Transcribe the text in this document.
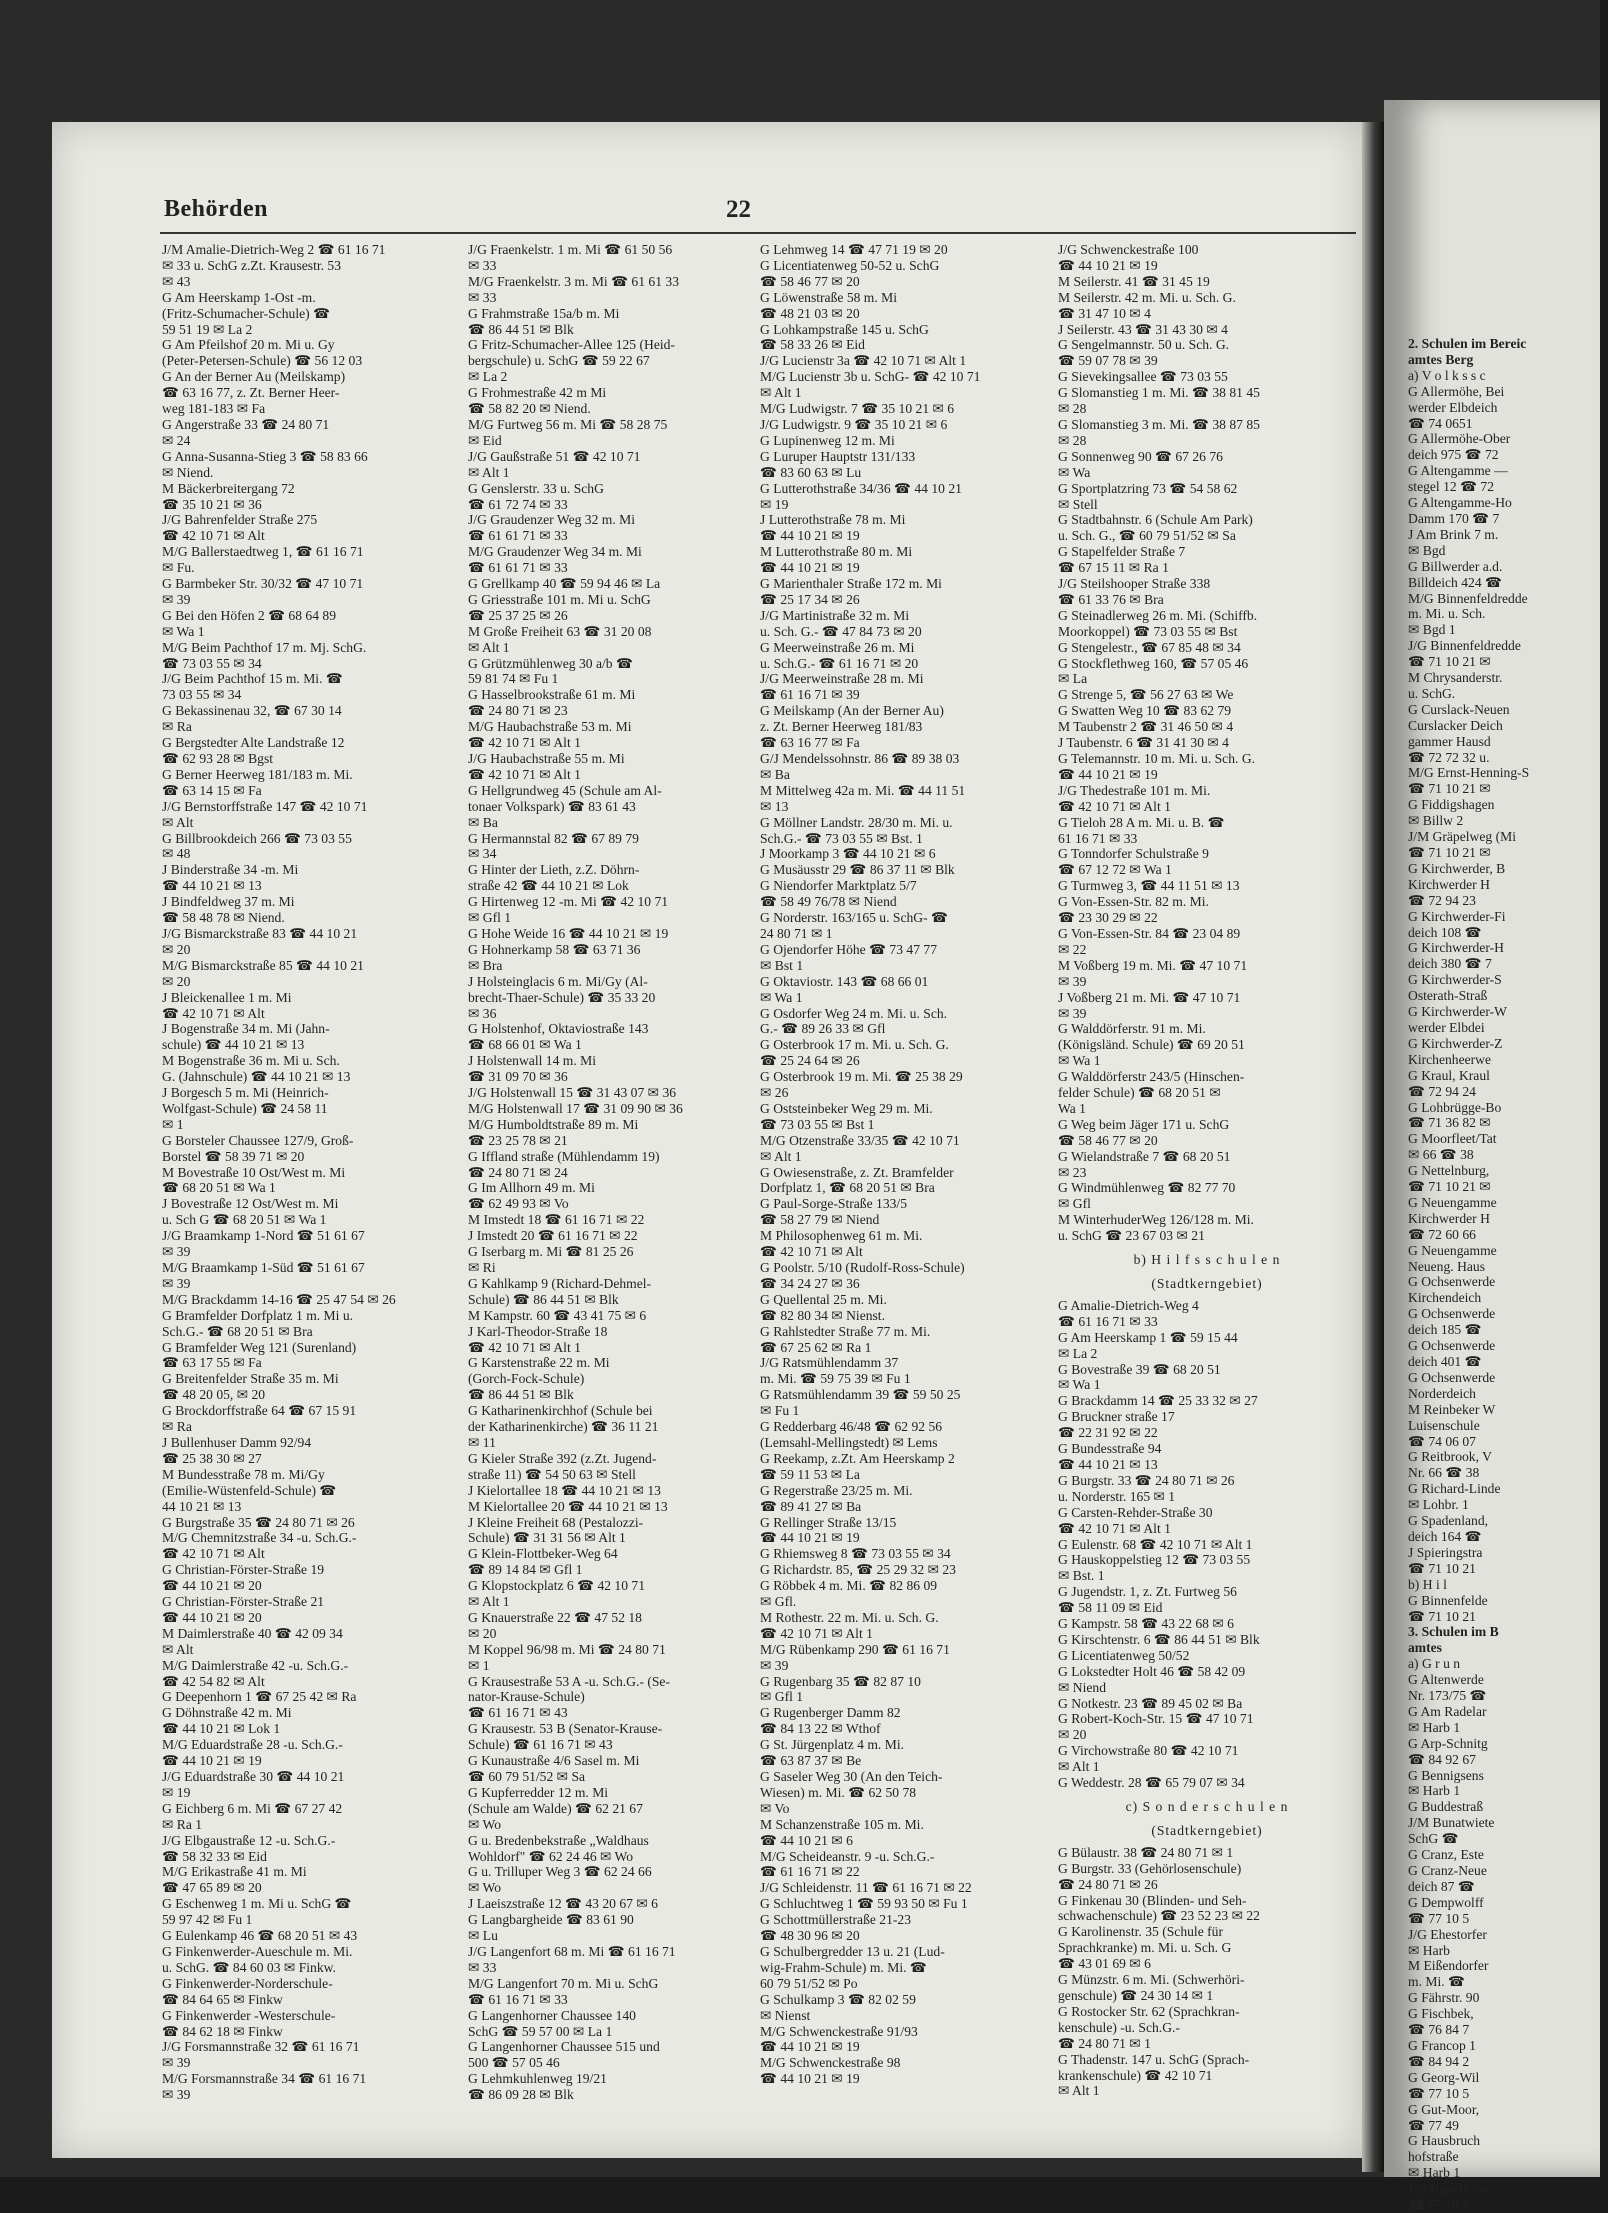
2. Schulen im Bereic
amtes Berg
a) V o l k s s c
G Allermöhe, Bei
werder Elbdeich
☎ 74 0651
G Allermöhe-Ober
deich 975 ☎ 72
G Altengamme —
stegel 12 ☎ 72
G Altengamme-Ho
Damm 170 ☎ 7
J Am Brink 7 m.
✉ Bgd
G Billwerder a.d.
Billdeich 424 ☎
M/G Binnenfeldredde
m. Mi. u. Sch.
✉ Bgd 1
J/G Binnenfeldredde
☎ 71 10 21 ✉
M Chrysanderstr.
u. SchG.
G Curslack-Neuen
Curslacker Deich
gammer Hausd
☎ 72 72 32 u.
M/G Ernst-Henning-S
☎ 71 10 21 ✉
G Fiddigshagen
✉ Billw 2
J/M Gräpelweg (Mi
☎ 71 10 21 ✉
G Kirchwerder, B
Kirchwerder H
☎ 72 94 23
G Kirchwerder-Fi
deich 108 ☎
G Kirchwerder-H
deich 380 ☎ 7
G Kirchwerder-S
Osterath-Straß
G Kirchwerder-W
werder Elbdei
G Kirchwerder-Z
Kirchenheerwe
G Kraul, Kraul
☎ 72 94 24
G Lohbrügge-Bo
☎ 71 36 82 ✉
G Moorfleet/Tat
✉ 66 ☎ 38
G Nettelnburg,
☎ 71 10 21 ✉
G Neuengamme
Kirchwerder H
☎ 72 60 66
G Neuengamme
Neueng. Haus
G Ochsenwerde
Kirchendeich
G Ochsenwerde
deich 185 ☎
G Ochsenwerde
deich 401 ☎
G Ochsenwerde
Norderdeich
M Reinbeker W
Luisenschule
☎ 74 06 07
G Reitbrook, V
Nr. 66 ☎ 38
G Richard-Linde
✉ Lohbr. 1
G Spadenland,
deich 164 ☎
J Spieringstra
☎ 71 10 21
b) H i l
G Binnenfelde
☎ 71 10 21
3. Schulen im B
amtes
a) G r u n
G Altenwerde
Nr. 173/75 ☎
G Am Radelar
✉ Harb 1
G Arp-Schnitg
☎ 84 92 67
G Bennigsens
✉ Harb 1
G Buddestraß
J/M Bunatwiete
SchG ☎
G Cranz, Este
G Cranz-Neue
deich 87 ☎
G Dempwolff
☎ 77 10 5
J/G Ehestorfer
✉ Harb
M Eißendorfer
m. Mi. ☎
G Fährstr. 90
G Fischbek,
☎ 76 84 7
G Francop 1
☎ 84 94 2
G Georg-Wil
☎ 77 10 5
G Gut-Moor,
☎ 77 49
G Hausbruch
hofstraße
✉ Harb 1
J/G Kapellenw
☎ 77 10 5
Behörden	22
J/M Amalie-Dietrich-Weg 2 ☎ 61 16 71
✉ 33 u. SchG z.Zt. Krausestr. 53
✉ 43
G Am Heerskamp 1-Ost -m.
(Fritz-Schumacher-Schule) ☎
59 51 19 ✉ La 2
G Am Pfeilshof 20 m. Mi u. Gy
(Peter-Petersen-Schule) ☎ 56 12 03
G An der Berner Au (Meilskamp)
☎ 63 16 77, z. Zt. Berner Heer-
weg 181-183 ✉ Fa
G Angerstraße 33 ☎ 24 80 71
✉ 24
G Anna-Susanna-Stieg 3 ☎ 58 83 66
✉ Niend.
M Bäckerbreitergang 72
☎ 35 10 21 ✉ 36
J/G Bahrenfelder Straße 275
☎ 42 10 71 ✉ Alt
M/G Ballerstaedtweg 1, ☎ 61 16 71
✉ Fu.
G Barmbeker Str. 30/32 ☎ 47 10 71
✉ 39
G Bei den Höfen 2 ☎ 68 64 89
✉ Wa 1
M/G Beim Pachthof 17 m. Mj. SchG.
☎ 73 03 55 ✉ 34
J/G Beim Pachthof 15 m. Mi. ☎
73 03 55 ✉ 34
G Bekassinenau 32, ☎ 67 30 14
✉ Ra
G Bergstedter Alte Landstraße 12
☎ 62 93 28 ✉ Bgst
G Berner Heerweg 181/183 m. Mi.
☎ 63 14 15 ✉ Fa
J/G Bernstorffstraße 147 ☎ 42 10 71
✉ Alt
G Billbrookdeich 266 ☎ 73 03 55
✉ 48
J Binderstraße 34 -m. Mi
☎ 44 10 21 ✉ 13
J Bindfeldweg 37 m. Mi
☎ 58 48 78 ✉ Niend.
J/G Bismarckstraße 83 ☎ 44 10 21
✉ 20
M/G Bismarckstraße 85 ☎ 44 10 21
✉ 20
J Bleickenallee 1 m. Mi
☎ 42 10 71 ✉ Alt
J Bogenstraße 34 m. Mi (Jahn-
schule) ☎ 44 10 21 ✉ 13
M Bogenstraße 36 m. Mi u. Sch.
G. (Jahnschule) ☎ 44 10 21 ✉ 13
J Borgesch 5 m. Mi (Heinrich-
Wolfgast-Schule) ☎ 24 58 11
✉ 1
G Borsteler Chaussee 127/9, Groß-
Borstel ☎ 58 39 71 ✉ 20
M Bovestraße 10 Ost/West m. Mi
☎ 68 20 51 ✉ Wa 1
J Bovestraße 12 Ost/West m. Mi
u. Sch G ☎ 68 20 51 ✉ Wa 1
J/G Braamkamp 1-Nord ☎ 51 61 67
✉ 39
M/G Braamkamp 1-Süd ☎ 51 61 67
✉ 39
M/G Brackdamm 14-16 ☎ 25 47 54 ✉ 26
G Bramfelder Dorfplatz 1 m. Mi u.
Sch.G.- ☎ 68 20 51 ✉ Bra
G Bramfelder Weg 121 (Surenland)
☎ 63 17 55 ✉ Fa
G Breitenfelder Straße 35 m. Mi
☎ 48 20 05, ✉ 20
G Brockdorffstraße 64 ☎ 67 15 91
✉ Ra
J Bullenhuser Damm 92/94
☎ 25 38 30 ✉ 27
M Bundesstraße 78 m. Mi/Gy
(Emilie-Wüstenfeld-Schule) ☎
44 10 21 ✉ 13
G Burgstraße 35 ☎ 24 80 71 ✉ 26
M/G Chemnitzstraße 34 -u. Sch.G.-
☎ 42 10 71 ✉ Alt
G Christian-Förster-Straße 19
☎ 44 10 21 ✉ 20
G Christian-Förster-Straße 21
☎ 44 10 21 ✉ 20
M Daimlerstraße 40 ☎ 42 09 34
✉ Alt
M/G Daimlerstraße 42 -u. Sch.G.-
☎ 42 54 82 ✉ Alt
G Deepenhorn 1 ☎ 67 25 42 ✉ Ra
G Döhnstraße 42 m. Mi
☎ 44 10 21 ✉ Lok 1
M/G Eduardstraße 28 -u. Sch.G.-
☎ 44 10 21 ✉ 19
J/G Eduardstraße 30 ☎ 44 10 21
✉ 19
G Eichberg 6 m. Mi ☎ 67 27 42
✉ Ra 1
J/G Elbgaustraße 12 -u. Sch.G.-
☎ 58 32 33 ✉ Eid
M/G Erikastraße 41 m. Mi
☎ 47 65 89 ✉ 20
G Eschenweg 1 m. Mi u. SchG ☎
59 97 42 ✉ Fu 1
G Eulenkamp 46 ☎ 68 20 51 ✉ 43
G Finkenwerder-Aueschule m. Mi.
u. SchG. ☎ 84 60 03 ✉ Finkw.
G Finkenwerder-Norderschule-
☎ 84 64 65 ✉ Finkw
G Finkenwerder -Westerschule-
☎ 84 62 18 ✉ Finkw
J/G Forsmannstraße 32 ☎ 61 16 71
✉ 39
M/G Forsmannstraße 34 ☎ 61 16 71
✉ 39
J/G Fraenkelstr. 1 m. Mi ☎ 61 50 56
✉ 33
M/G Fraenkelstr. 3 m. Mi ☎ 61 61 33
✉ 33
G Frahmstraße 15a/b m. Mi
☎ 86 44 51 ✉ Blk
G Fritz-Schumacher-Allee 125 (Heid-
bergschule) u. SchG ☎ 59 22 67
✉ La 2
G Frohmestraße 42 m Mi
☎ 58 82 20 ✉ Niend.
M/G Furtweg 56 m. Mi ☎ 58 28 75
✉ Eid
J/G Gaußstraße 51 ☎ 42 10 71
✉ Alt 1
G Genslerstr. 33 u. SchG
☎ 61 72 74 ✉ 33
J/G Graudenzer Weg 32 m. Mi
☎ 61 61 71 ✉ 33
M/G Graudenzer Weg 34 m. Mi
☎ 61 61 71 ✉ 33
G Grellkamp 40 ☎ 59 94 46 ✉ La
G Griesstraße 101 m. Mi u. SchG
☎ 25 37 25 ✉ 26
M Große Freiheit 63 ☎ 31 20 08
✉ Alt 1
G Grützmühlenweg 30 a/b ☎
59 81 74 ✉ Fu 1
G Hasselbrookstraße 61 m. Mi
☎ 24 80 71 ✉ 23
M/G Haubachstraße 53 m. Mi
☎ 42 10 71 ✉ Alt 1
J/G Haubachstraße 55 m. Mi
☎ 42 10 71 ✉ Alt 1
G Hellgrundweg 45 (Schule am Al-
tonaer Volkspark) ☎ 83 61 43
✉ Ba
G Hermannstal 82 ☎ 67 89 79
✉ 34
G Hinter der Lieth, z.Z. Döhrn-
straße 42 ☎ 44 10 21 ✉ Lok
G Hirtenweg 12 -m. Mi ☎ 42 10 71
✉ Gfl 1
G Hohe Weide 16 ☎ 44 10 21 ✉ 19
G Hohnerkamp 58 ☎ 63 71 36
✉ Bra
J Holsteinglacis 6 m. Mi/Gy (Al-
brecht-Thaer-Schule) ☎ 35 33 20
✉ 36
G Holstenhof, Oktaviostraße 143
☎ 68 66 01 ✉ Wa 1
J Holstenwall 14 m. Mi
☎ 31 09 70 ✉ 36
J/G Holstenwall 15 ☎ 31 43 07 ✉ 36
M/G Holstenwall 17 ☎ 31 09 90 ✉ 36
M/G Humboldtstraße 89 m. Mi
☎ 23 25 78 ✉ 21
G Iffland straße (Mühlendamm 19)
☎ 24 80 71 ✉ 24
G Im Allhorn 49 m. Mi
☎ 62 49 93 ✉ Vo
M Imstedt 18 ☎ 61 16 71 ✉ 22
J Imstedt 20 ☎ 61 16 71 ✉ 22
G Iserbarg m. Mi ☎ 81 25 26
✉ Ri
G Kahlkamp 9 (Richard-Dehmel-
Schule) ☎ 86 44 51 ✉ Blk
M Kampstr. 60 ☎ 43 41 75 ✉ 6
J Karl-Theodor-Straße 18
☎ 42 10 71 ✉ Alt 1
G Karstenstraße 22 m. Mi
(Gorch-Fock-Schule)
☎ 86 44 51 ✉ Blk
G Katharinenkirchhof (Schule bei
der Katharinenkirche) ☎ 36 11 21
✉ 11
G Kieler Straße 392 (z.Zt. Jugend-
straße 11) ☎ 54 50 63 ✉ Stell
J Kielortallee 18 ☎ 44 10 21 ✉ 13
M Kielortallee 20 ☎ 44 10 21 ✉ 13
J Kleine Freiheit 68 (Pestalozzi-
Schule) ☎ 31 31 56 ✉ Alt 1
G Klein-Flottbeker-Weg 64
☎ 89 14 84 ✉ Gfl 1
G Klopstockplatz 6 ☎ 42 10 71
✉ Alt 1
G Knauerstraße 22 ☎ 47 52 18
✉ 20
M Koppel 96/98 m. Mi ☎ 24 80 71
✉ 1
G Krausestraße 53 A -u. Sch.G.- (Se-
nator-Krause-Schule)
☎ 61 16 71 ✉ 43
G Krausestr. 53 B (Senator-Krause-
Schule) ☎ 61 16 71 ✉ 43
G Kunaustraße 4/6 Sasel m. Mi
☎ 60 79 51/52 ✉ Sa
G Kupferredder 12 m. Mi
(Schule am Walde) ☎ 62 21 67
✉ Wo
G u. Bredenbekstraße „Waldhaus
Wohldorf" ☎ 62 24 46 ✉ Wo
G u. Trilluper Weg 3 ☎ 62 24 66
✉ Wo
J Laeiszstraße 12 ☎ 43 20 67 ✉ 6
G Langbargheide ☎ 83 61 90
✉ Lu
J/G Langenfort 68 m. Mi ☎ 61 16 71
✉ 33
M/G Langenfort 70 m. Mi u. SchG
☎ 61 16 71 ✉ 33
G Langenhorner Chaussee 140
SchG ☎ 59 57 00 ✉ La 1
G Langenhorner Chaussee 515 und
500 ☎ 57 05 46
G Lehmkuhlenweg 19/21
☎ 86 09 28 ✉ Blk
G Lehmweg 14 ☎ 47 71 19 ✉ 20
G Licentiatenweg 50-52 u. SchG
☎ 58 46 77 ✉ 20
G Löwenstraße 58 m. Mi
☎ 48 21 03 ✉ 20
G Lohkampstraße 145 u. SchG
☎ 58 33 26 ✉ Eid
J/G Lucienstr 3a ☎ 42 10 71 ✉ Alt 1
M/G Lucienstr 3b u. SchG- ☎ 42 10 71
✉ Alt 1
M/G Ludwigstr. 7 ☎ 35 10 21 ✉ 6
J/G Ludwigstr. 9 ☎ 35 10 21 ✉ 6
G Lupinenweg 12 m. Mi
G Luruper Hauptstr 131/133
☎ 83 60 63 ✉ Lu
G Lutterothstraße 34/36 ☎ 44 10 21
✉ 19
J Lutterothstraße 78 m. Mi
☎ 44 10 21 ✉ 19
M Lutterothstraße 80 m. Mi
☎ 44 10 21 ✉ 19
G Marienthaler Straße 172 m. Mi
☎ 25 17 34 ✉ 26
J/G Martinistraße 32 m. Mi
u. Sch. G.- ☎ 47 84 73 ✉ 20
G Meerweinstraße 26 m. Mi
u. Sch.G.- ☎ 61 16 71 ✉ 20
J/G Meerweinstraße 28 m. Mi
☎ 61 16 71 ✉ 39
G Meilskamp (An der Berner Au)
z. Zt. Berner Heerweg 181/83
☎ 63 16 77 ✉ Fa
G/J Mendelssohnstr. 86 ☎ 89 38 03
✉ Ba
M Mittelweg 42a m. Mi. ☎ 44 11 51
✉ 13
G Möllner Landstr. 28/30 m. Mi. u.
Sch.G.- ☎ 73 03 55 ✉ Bst. 1
J Moorkamp 3 ☎ 44 10 21 ✉ 6
G Musäusstr 29 ☎ 86 37 11 ✉ Blk
G Niendorfer Marktplatz 5/7
☎ 58 49 76/78 ✉ Niend
G Norderstr. 163/165 u. SchG- ☎
24 80 71 ✉ 1
G Ojendorfer Höhe ☎ 73 47 77
✉ Bst 1
G Oktaviostr. 143 ☎ 68 66 01
✉ Wa 1
G Osdorfer Weg 24 m. Mi. u. Sch.
G.- ☎ 89 26 33 ✉ Gfl
G Osterbrook 17 m. Mi. u. Sch. G.
☎ 25 24 64 ✉ 26
G Osterbrook 19 m. Mi. ☎ 25 38 29
✉ 26
G Oststeinbeker Weg 29 m. Mi.
☎ 73 03 55 ✉ Bst 1
M/G Otzenstraße 33/35 ☎ 42 10 71
✉ Alt 1
G Owiesenstraße, z. Zt. Bramfelder
Dorfplatz 1, ☎ 68 20 51 ✉ Bra
G Paul-Sorge-Straße 133/5
☎ 58 27 79 ✉ Niend
M Philosophenweg 61 m. Mi.
☎ 42 10 71 ✉ Alt
G Poolstr. 5/10 (Rudolf-Ross-Schule)
☎ 34 24 27 ✉ 36
G Quellental 25 m. Mi.
☎ 82 80 34 ✉ Nienst.
G Rahlstedter Straße 77 m. Mi.
☎ 67 25 62 ✉ Ra 1
J/G Ratsmühlendamm 37
m. Mi. ☎ 59 75 39 ✉ Fu 1
G Ratsmühlendamm 39 ☎ 59 50 25
✉ Fu 1
G Redderbarg 46/48 ☎ 62 92 56
(Lemsahl-Mellingstedt) ✉ Lems
G Reekamp, z.Zt. Am Heerskamp 2
☎ 59 11 53 ✉ La
G Regerstraße 23/25 m. Mi.
☎ 89 41 27 ✉ Ba
G Rellinger Straße 13/15
☎ 44 10 21 ✉ 19
G Rhiemsweg 8 ☎ 73 03 55 ✉ 34
G Richardstr. 85, ☎ 25 29 32 ✉ 23
G Röbbek 4 m. Mi. ☎ 82 86 09
✉ Gfl.
M Rothestr. 22 m. Mi. u. Sch. G.
☎ 42 10 71 ✉ Alt 1
M/G Rübenkamp 290 ☎ 61 16 71
✉ 39
G Rugenbarg 35 ☎ 82 87 10
✉ Gfl 1
G Rugenberger Damm 82
☎ 84 13 22 ✉ Wthof
G St. Jürgenplatz 4 m. Mi.
☎ 63 87 37 ✉ Be
G Saseler Weg 30 (An den Teich-
Wiesen) m. Mi. ☎ 62 50 78
✉ Vo
M Schanzenstraße 105 m. Mi.
☎ 44 10 21 ✉ 6
M/G Scheideanstr. 9 -u. Sch.G.-
☎ 61 16 71 ✉ 22
J/G Schleidenstr. 11 ☎ 61 16 71 ✉ 22
G Schluchtweg 1 ☎ 59 93 50 ✉ Fu 1
G Schottmüllerstraße 21-23
☎ 48 30 96 ✉ 20
G Schulbergredder 13 u. 21 (Lud-
wig-Frahm-Schule) m. Mi. ☎
60 79 51/52 ✉ Po
G Schulkamp 3 ☎ 82 02 59
✉ Nienst
M/G Schwenckestraße 91/93
☎ 44 10 21 ✉ 19
M/G Schwenckestraße 98
☎ 44 10 21 ✉ 19
J/G Schwenckestraße 100
☎ 44 10 21 ✉ 19
M Seilerstr. 41 ☎ 31 45 19
M Seilerstr. 42 m. Mi. u. Sch. G.
☎ 31 47 10 ✉ 4
J Seilerstr. 43 ☎ 31 43 30 ✉ 4
G Sengelmannstr. 50 u. Sch. G.
☎ 59 07 78 ✉ 39
G Sievekingsallee ☎ 73 03 55
G Slomanstieg 1 m. Mi. ☎ 38 81 45
✉ 28
G Slomanstieg 3 m. Mi. ☎ 38 87 85
✉ 28
G Sonnenweg 90 ☎ 67 26 76
✉ Wa
G Sportplatzring 73 ☎ 54 58 62
✉ Stell
G Stadtbahnstr. 6 (Schule Am Park)
u. Sch. G., ☎ 60 79 51/52 ✉ Sa
G Stapelfelder Straße 7
☎ 67 15 11 ✉ Ra 1
J/G Steilshooper Straße 338
☎ 61 33 76 ✉ Bra
G Steinadlerweg 26 m. Mi. (Schiffb.
Moorkoppel) ☎ 73 03 55 ✉ Bst
G Stengelestr., ☎ 67 85 48 ✉ 34
G Stockflethweg 160, ☎ 57 05 46
✉ La
G Strenge 5, ☎ 56 27 63 ✉ We
G Swatten Weg 10 ☎ 83 62 79
M Taubenstr 2 ☎ 31 46 50 ✉ 4
J Taubenstr. 6 ☎ 31 41 30 ✉ 4
G Telemannstr. 10 m. Mi. u. Sch. G.
☎ 44 10 21 ✉ 19
J/G Thedestraße 101 m. Mi.
☎ 42 10 71 ✉ Alt 1
G Tieloh 28 A m. Mi. u. B. ☎
61 16 71 ✉ 33
G Tonndorfer Schulstraße 9
☎ 67 12 72 ✉ Wa 1
G Turmweg 3, ☎ 44 11 51 ✉ 13
G Von-Essen-Str. 82 m. Mi.
☎ 23 30 29 ✉ 22
G Von-Essen-Str. 84 ☎ 23 04 89
✉ 22
M Voßberg 19 m. Mi. ☎ 47 10 71
✉ 39
J Voßberg 21 m. Mi. ☎ 47 10 71
✉ 39
G Walddörferstr. 91 m. Mi.
(Königsländ. Schule) ☎ 69 20 51
✉ Wa 1
G Walddörferstr 243/5 (Hinschen-
felder Schule) ☎ 68 20 51 ✉
Wa 1
G Weg beim Jäger 171 u. SchG
☎ 58 46 77 ✉ 20
G Wielandstraße 7 ☎ 68 20 51
✉ 23
G Windmühlenweg ☎ 82 77 70
✉ Gfl
M WinterhuderWeg 126/128 m. Mi.
u. SchG ☎ 23 67 03 ✉ 21
b) H i l f s s c h u l e n
(Stadtkerngebiet)
G Amalie-Dietrich-Weg 4
☎ 61 16 71 ✉ 33
G Am Heerskamp 1 ☎ 59 15 44
✉ La 2
G Bovestraße 39 ☎ 68 20 51
✉ Wa 1
G Brackdamm 14 ☎ 25 33 32 ✉ 27
G Bruckner straße 17
☎ 22 31 92 ✉ 22
G Bundesstraße 94
☎ 44 10 21 ✉ 13
G Burgstr. 33 ☎ 24 80 71 ✉ 26
u. Norderstr. 165 ✉ 1
G Carsten-Rehder-Straße 30
☎ 42 10 71 ✉ Alt 1
G Eulenstr. 68 ☎ 42 10 71 ✉ Alt 1
G Hauskoppelstieg 12 ☎ 73 03 55
✉ Bst. 1
G Jugendstr. 1, z. Zt. Furtweg 56
☎ 58 11 09 ✉ Eid
G Kampstr. 58 ☎ 43 22 68 ✉ 6
G Kirschtenstr. 6 ☎ 86 44 51 ✉ Blk
G Licentiatenweg 50/52
G Lokstedter Holt 46 ☎ 58 42 09
✉ Niend
G Notkestr. 23 ☎ 89 45 02 ✉ Ba
G Robert-Koch-Str. 15 ☎ 47 10 71
✉ 20
G Virchowstraße 80 ☎ 42 10 71
✉ Alt 1
G Weddestr. 28 ☎ 65 79 07 ✉ 34
c) S o n d e r s c h u l e n
(Stadtkerngebiet)
G Bülaustr. 38 ☎ 24 80 71 ✉ 1
G Burgstr. 33 (Gehörlosenschule)
☎ 24 80 71 ✉ 26
G Finkenau 30 (Blinden- und Seh-
schwachenschule) ☎ 23 52 23 ✉ 22
G Karolinenstr. 35 (Schule für
Sprachkranke) m. Mi. u. Sch. G
☎ 43 01 69 ✉ 6
G Münzstr. 6 m. Mi. (Schwerhöri-
genschule) ☎ 24 30 14 ✉ 1
G Rostocker Str. 62 (Sprachkran-
kenschule) -u. Sch.G.-
☎ 24 80 71 ✉ 1
G Thadenstr. 147 u. SchG (Sprach-
krankenschule) ☎ 42 10 71
✉ Alt 1
